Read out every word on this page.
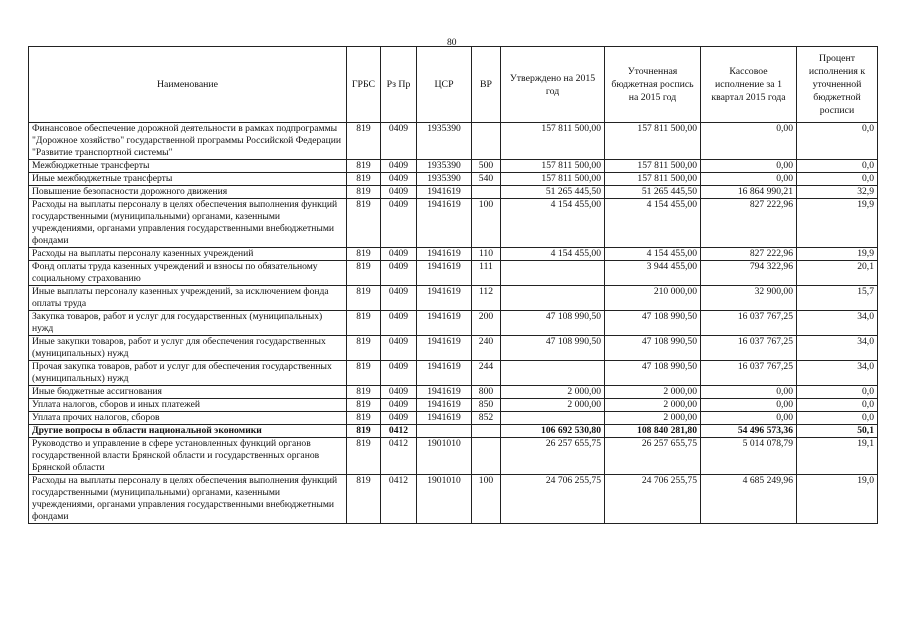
80
Наименование	ГРБС	Рз Пр	ЦСР	ВР	Утверждено на 2015 год	Уточненная бюджетная роспись на 2015 год	Кассовое исполнение за 1 квартал 2015 года	Процент исполнения к уточненной бюджетной росписи
Финансовое обеспечение дорожной деятельности в рамках подпрограммы "Дорожное хозяйство" государственной программы Российской Федерации "Развитие транспортной системы"	819	0409	1935390		157 811 500,00	157 811 500,00	0,00	0,0
Межбюджетные трансферты	819	0409	1935390	500	157 811 500,00	157 811 500,00	0,00	0,0
Иные межбюджетные трансферты	819	0409	1935390	540	157 811 500,00	157 811 500,00	0,00	0,0
Повышение безопасности дорожного движения	819	0409	1941619		51 265 445,50	51 265 445,50	16 864 990,21	32,9
Расходы на выплаты персоналу в целях обеспечения выполнения функций государственными (муниципальными) органами, казенными учреждениями, органами управления государственными внебюджетными фондами	819	0409	1941619	100	4 154 455,00	4 154 455,00	827 222,96	19,9
Расходы на выплаты персоналу казенных учреждений	819	0409	1941619	110	4 154 455,00	4 154 455,00	827 222,96	19,9
Фонд оплаты труда казенных учреждений и взносы по обязательному социальному страхованию	819	0409	1941619	111		3 944 455,00	794 322,96	20,1
Иные выплаты персоналу казенных учреждений, за исключением фонда оплаты труда	819	0409	1941619	112		210 000,00	32 900,00	15,7
Закупка товаров, работ и услуг для государственных (муниципальных) нужд	819	0409	1941619	200	47 108 990,50	47 108 990,50	16 037 767,25	34,0
Иные закупки товаров, работ и услуг для обеспечения государственных (муниципальных) нужд	819	0409	1941619	240	47 108 990,50	47 108 990,50	16 037 767,25	34,0
Прочая закупка товаров, работ и услуг для обеспечения государственных (муниципальных) нужд	819	0409	1941619	244		47 108 990,50	16 037 767,25	34,0
Иные бюджетные ассигнования	819	0409	1941619	800	2 000,00	2 000,00	0,00	0,0
Уплата налогов, сборов и иных платежей	819	0409	1941619	850	2 000,00	2 000,00	0,00	0,0
Уплата прочих налогов, сборов	819	0409	1941619	852		2 000,00	0,00	0,0
Другие вопросы в области национальной экономики	819	0412			106 692 530,80	108 840 281,80	54 496 573,36	50,1
Руководство и управление в сфере установленных функций органов государственной власти Брянской области и государственных органов Брянской области	819	0412	1901010		26 257 655,75	26 257 655,75	5 014 078,79	19,1
Расходы на выплаты персоналу в целях обеспечения выполнения функций государственными (муниципальными) органами, казенными учреждениями, органами управления государственными внебюджетными фондами	819	0412	1901010	100	24 706 255,75	24 706 255,75	4 685 249,96	19,0
